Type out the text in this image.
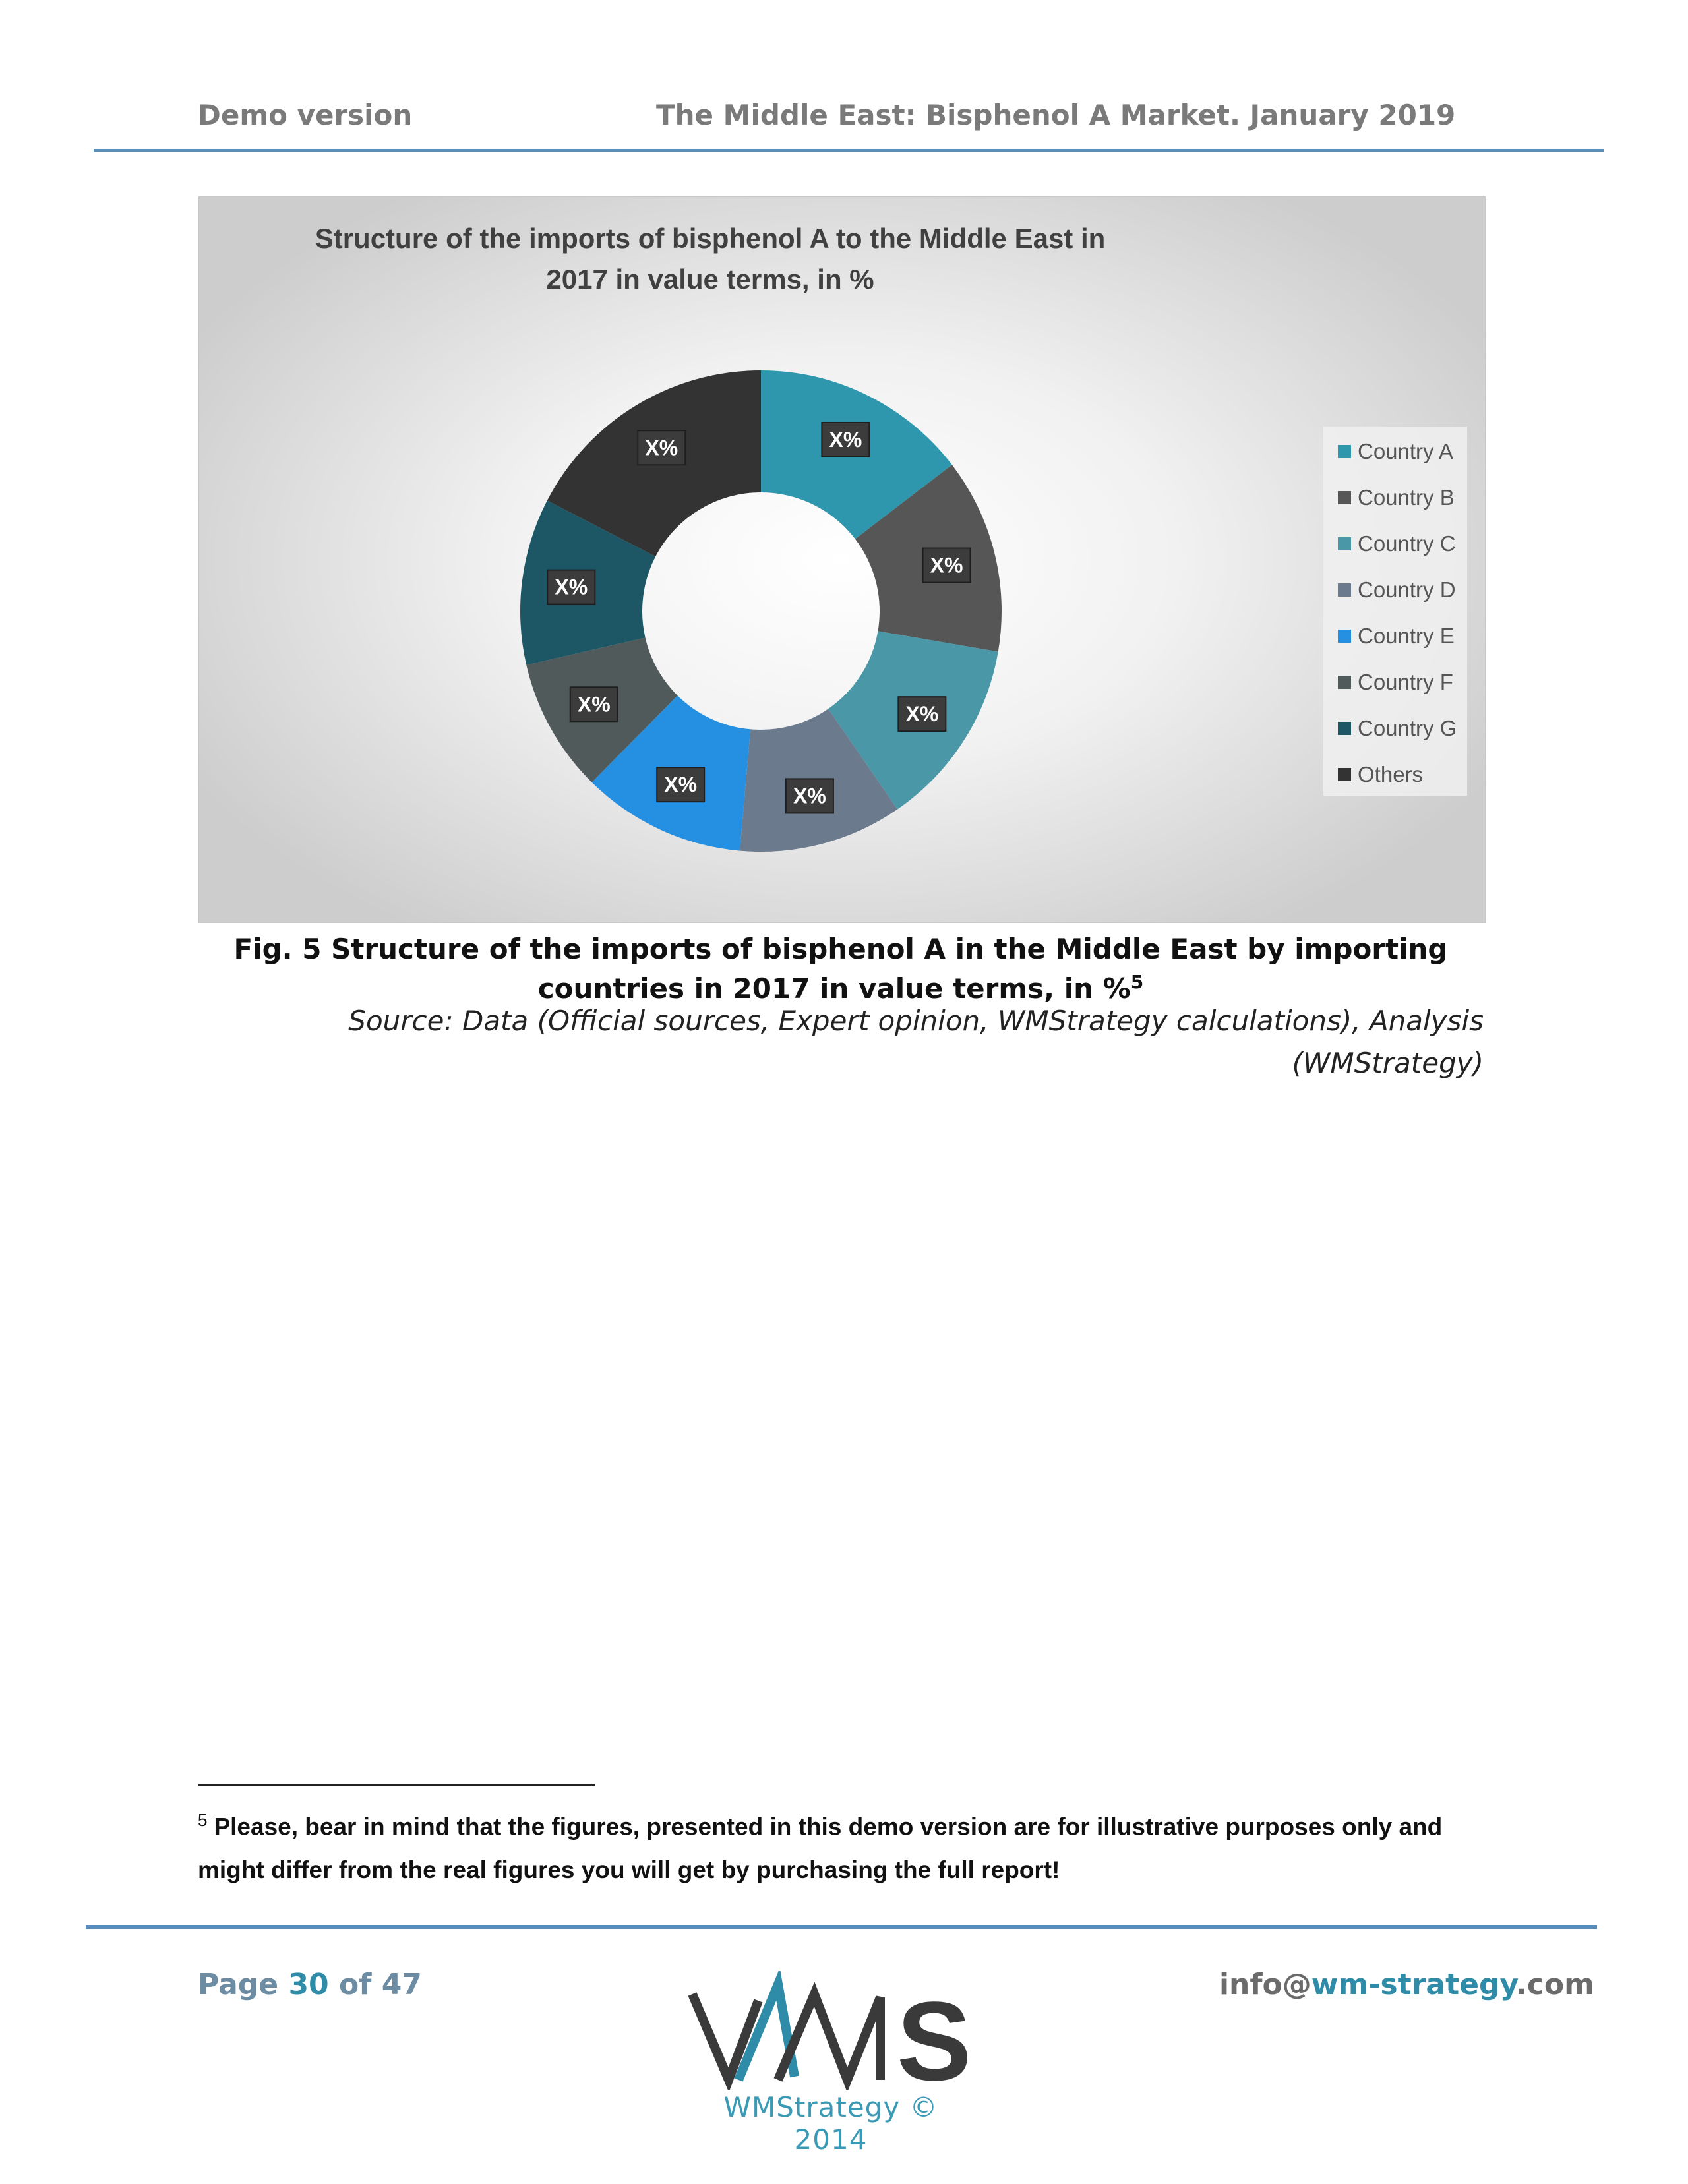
Demo version	The Middle East: Bisphenol A Market. January 2019
Structure of the imports of bisphenol A to the Middle East in 2017 in value terms, in %
X%
X%
X%
X%
X%
X%
X%
X%	Country A
Country B
Country C
Country D
Country E
Country F
Country G
Others
Fig. 5 Structure of the imports of bisphenol A in the Middle East by importing countries in 2017 in value terms, in %$^5$
Source: Data (Official sources, Expert opinion, WMStrategy calculations), Analysis (WMStrategy)
$^5$ Please, bear in mind that the figures, presented in this demo version are for illustrative purposes only and might differ from the real figures you will get by purchasing the full report!
Page 30 of 47	info@wm-strategy.com
S
WMStrategy © 2014
